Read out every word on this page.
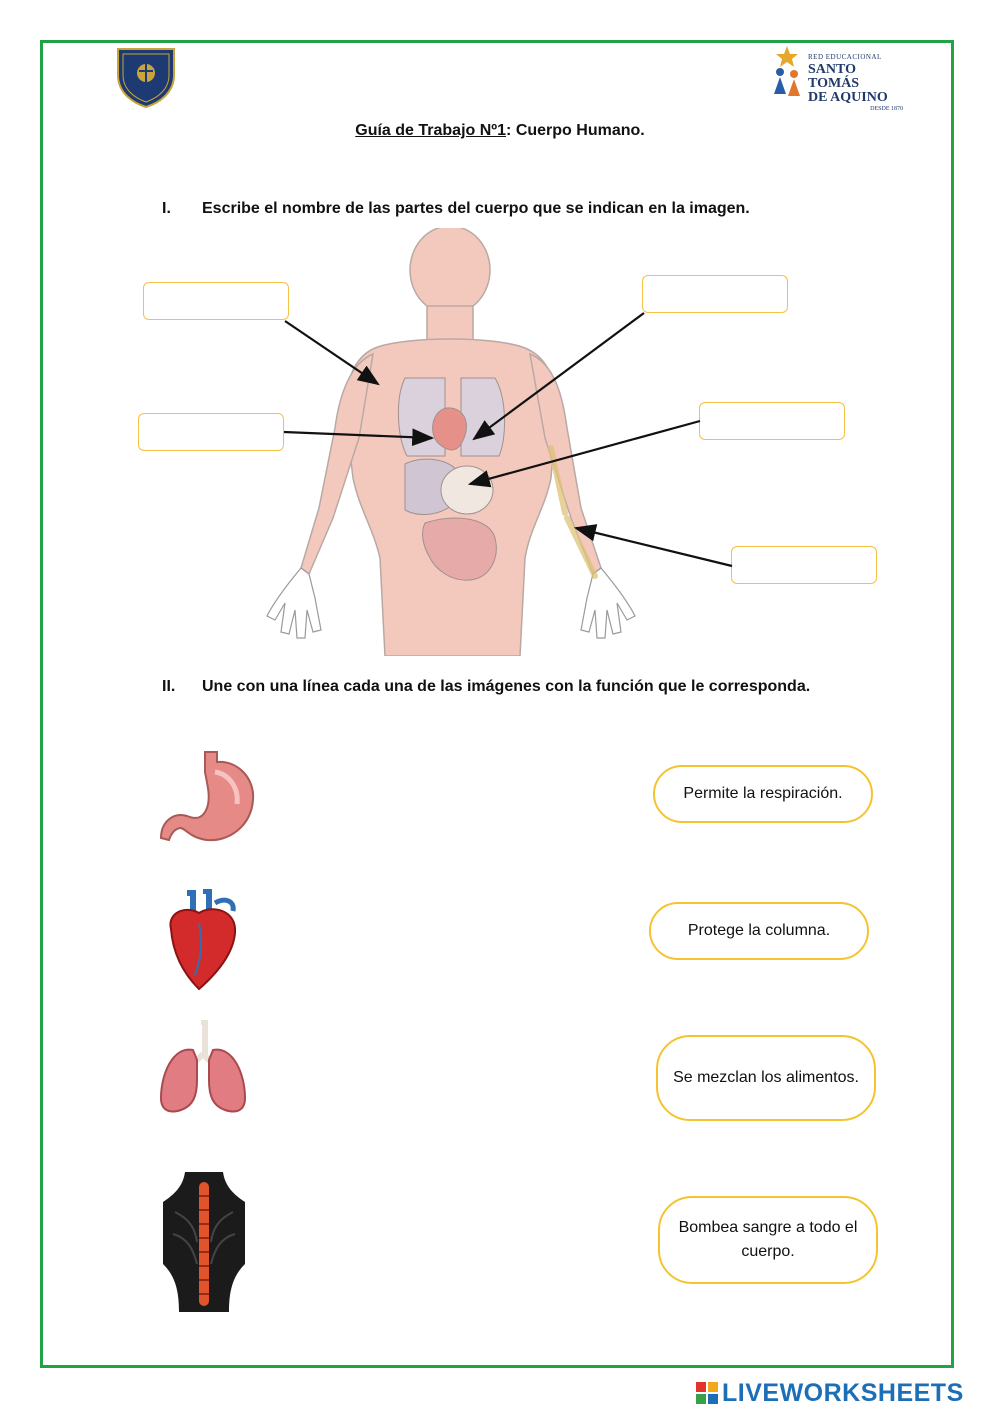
RED EDUCACIONAL
SANTO TOMÁS
DE AQUINO
DESDE 1870
Guía de Trabajo Nº1: Cuerpo Humano.
I. Escribe el nombre de las partes del cuerpo que se indican en la imagen.
II. Une con una línea cada una de las imágenes con la función que le corresponda.
Permite la respiración.
Protege la columna.
Se mezclan los alimentos.
Bombea sangre a todo el cuerpo.
LIVEWORKSHEETS
